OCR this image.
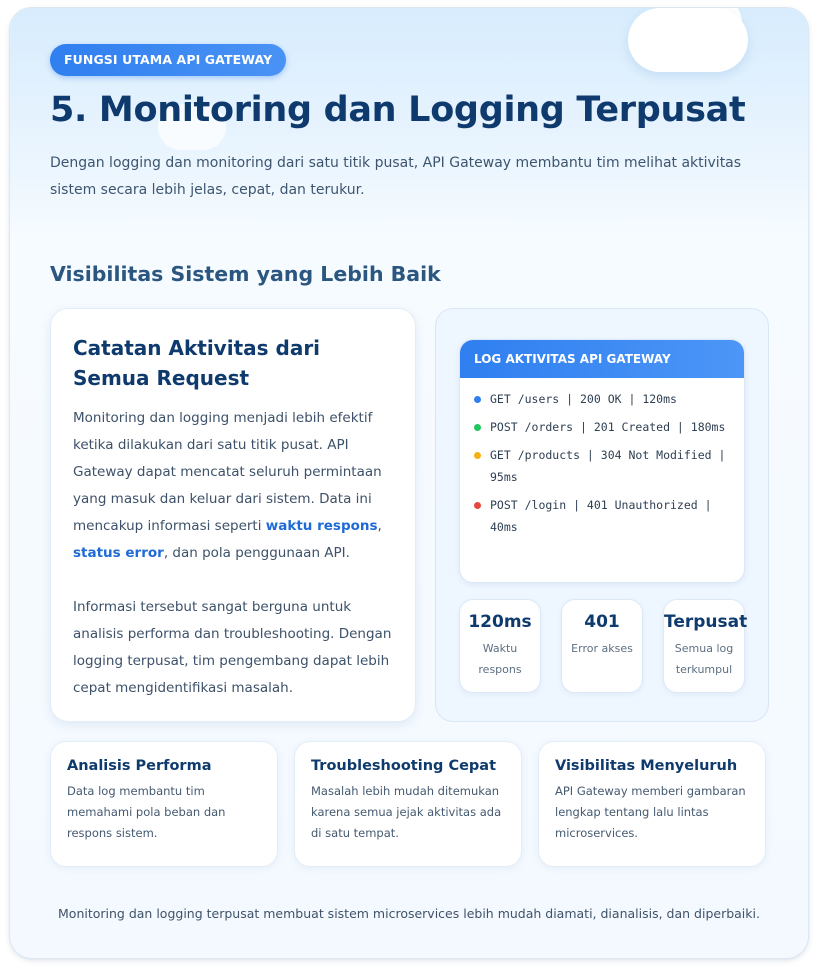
FUNGSI UTAMA API GATEWAY
5. Monitoring dan Logging Terpusat

Dengan logging dan monitoring dari satu titik pusat, API Gateway membantu tim melihat aktivitas sistem secara lebih jelas, cepat, dan terukur.

Visibilitas Sistem yang Lebih Baik
Catatan Aktivitas dari Semua Request

Monitoring dan logging menjadi lebih efektif ketika dilakukan dari satu titik pusat. API Gateway dapat mencatat seluruh permintaan yang masuk dan keluar dari sistem. Data ini mencakup informasi seperti waktu respons, status error, dan pola penggunaan API.

Informasi tersebut sangat berguna untuk analisis performa dan troubleshooting. Dengan logging terpusat, tim pengembang dapat lebih cepat mengidentifikasi masalah.

LOG AKTIVITAS API GATEWAY
GET /users | 200 OK | 120ms
POST /orders | 201 Created | 180ms
GET /products | 304 Not Modified | 95ms
POST /login | 401 Unauthorized | 40ms
120ms
Waktu respons
401
Error akses
Terpusat
Semua log terkumpul
Analisis Performa

Data log membantu tim memahami pola beban dan respons sistem.

Troubleshooting Cepat

Masalah lebih mudah ditemukan karena semua jejak aktivitas ada di satu tempat.

Visibilitas Menyeluruh

API Gateway memberi gambaran lengkap tentang lalu lintas microservices.

Monitoring dan logging terpusat membuat sistem microservices lebih mudah diamati, dianalisis, dan diperbaiki.
